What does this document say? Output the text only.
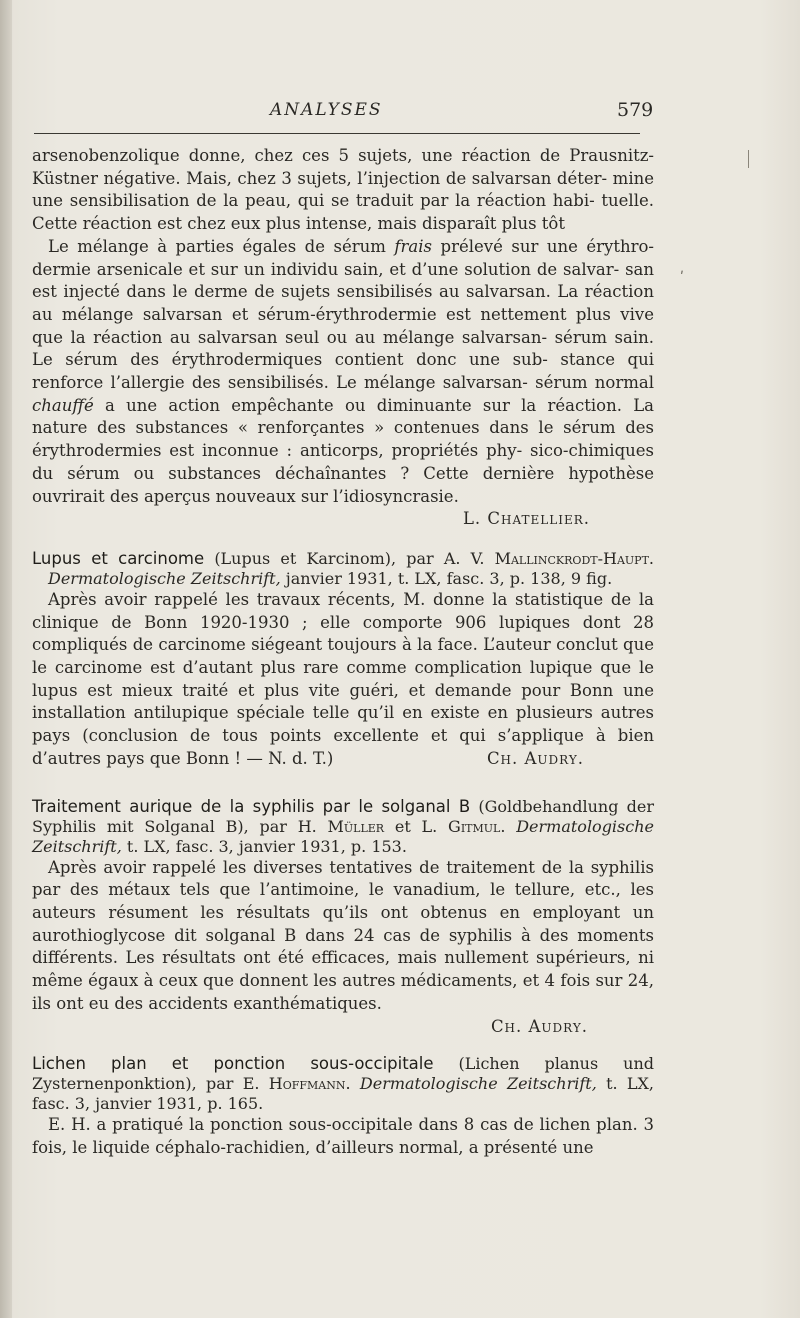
ANALYSES	579

arsenobenzolique donne, chez ces 5 sujets, une réaction de Prausnitz- Küstner négative. Mais, chez 3 sujets, l’injection de salvarsan déter- mine une sensibilisation de la peau, qui se traduit par la réaction habi- tuelle. Cette réaction est chez eux plus intense, mais disparaît plus tôt

Le mélange à parties égales de sérum frais prélevé sur une érythro- dermie arsenicale et sur un individu sain, et d’une solution de salvar- san est injecté dans le derme de sujets sensibilisés au salvarsan. La réaction au mélange salvarsan et sérum-érythrodermie est nettement plus vive que la réaction au salvarsan seul ou au mélange salvarsan- sérum sain. Le sérum des érythrodermiques contient donc une sub- stance qui renforce l’allergie des sensibilisés. Le mélange salvarsan- sérum normal chauffé a une action empêchante ou diminuante sur la réaction. La nature des substances « renforçantes » contenues dans le sérum des érythrodermies est inconnue : anticorps, propriétés phy- sico-chimiques du sérum ou substances déchaînantes ? Cette dernière hypothèse ouvrirait des aperçus nouveaux sur l’idiosyncrasie.

L. Chatellier.

Lupus et carcinome (Lupus et Karcinom), par A. V. Mallinckrodt-Haupt. Dermatologische Zeitschrift, janvier 1931, t. LX, fasc. 3, p. 138, 9 fig.

Après avoir rappelé les travaux récents, M. donne la statistique de la clinique de Bonn 1920-1930 ; elle comporte 906 lupiques dont 28 compliqués de carcinome siégeant toujours à la face. L’auteur conclut que le carcinome est d’autant plus rare comme complication lupique que le lupus est mieux traité et plus vite guéri, et demande pour Bonn une installation antilupique spéciale telle qu’il en existe en plusieurs autres pays (conclusion de tous points excellente et qui s’applique à bien d’autres pays que Bonn ! — N. d. T.)	Ch. Audry.

Traitement aurique de la syphilis par le solganal B (Goldbehandlung der Syphilis mit Solganal B), par H. Müller et L. Gitmul. Dermatologische Zeitschrift, t. LX, fasc. 3, janvier 1931, p. 153.

Après avoir rappelé les diverses tentatives de traitement de la syphilis par des métaux tels que l’antimoine, le vanadium, le tellure, etc., les auteurs résument les résultats qu’ils ont obtenus en employant un aurothioglycose dit solganal B dans 24 cas de syphilis à des moments différents. Les résultats ont été efficaces, mais nullement supérieurs, ni même égaux à ceux que donnent les autres médicaments, et 4 fois sur 24, ils ont eu des accidents exanthématiques.

Ch. Audry.

Lichen plan et ponction sous-occipitale (Lichen planus und Zysternenponktion), par E. Hoffmann. Dermatologische Zeitschrift, t. LX, fasc. 3, janvier 1931, p. 165.

E. H. a pratiqué la ponction sous-occipitale dans 8 cas de lichen plan. 3 fois, le liquide céphalo-rachidien, d’ailleurs normal, a présenté une

ʹ
